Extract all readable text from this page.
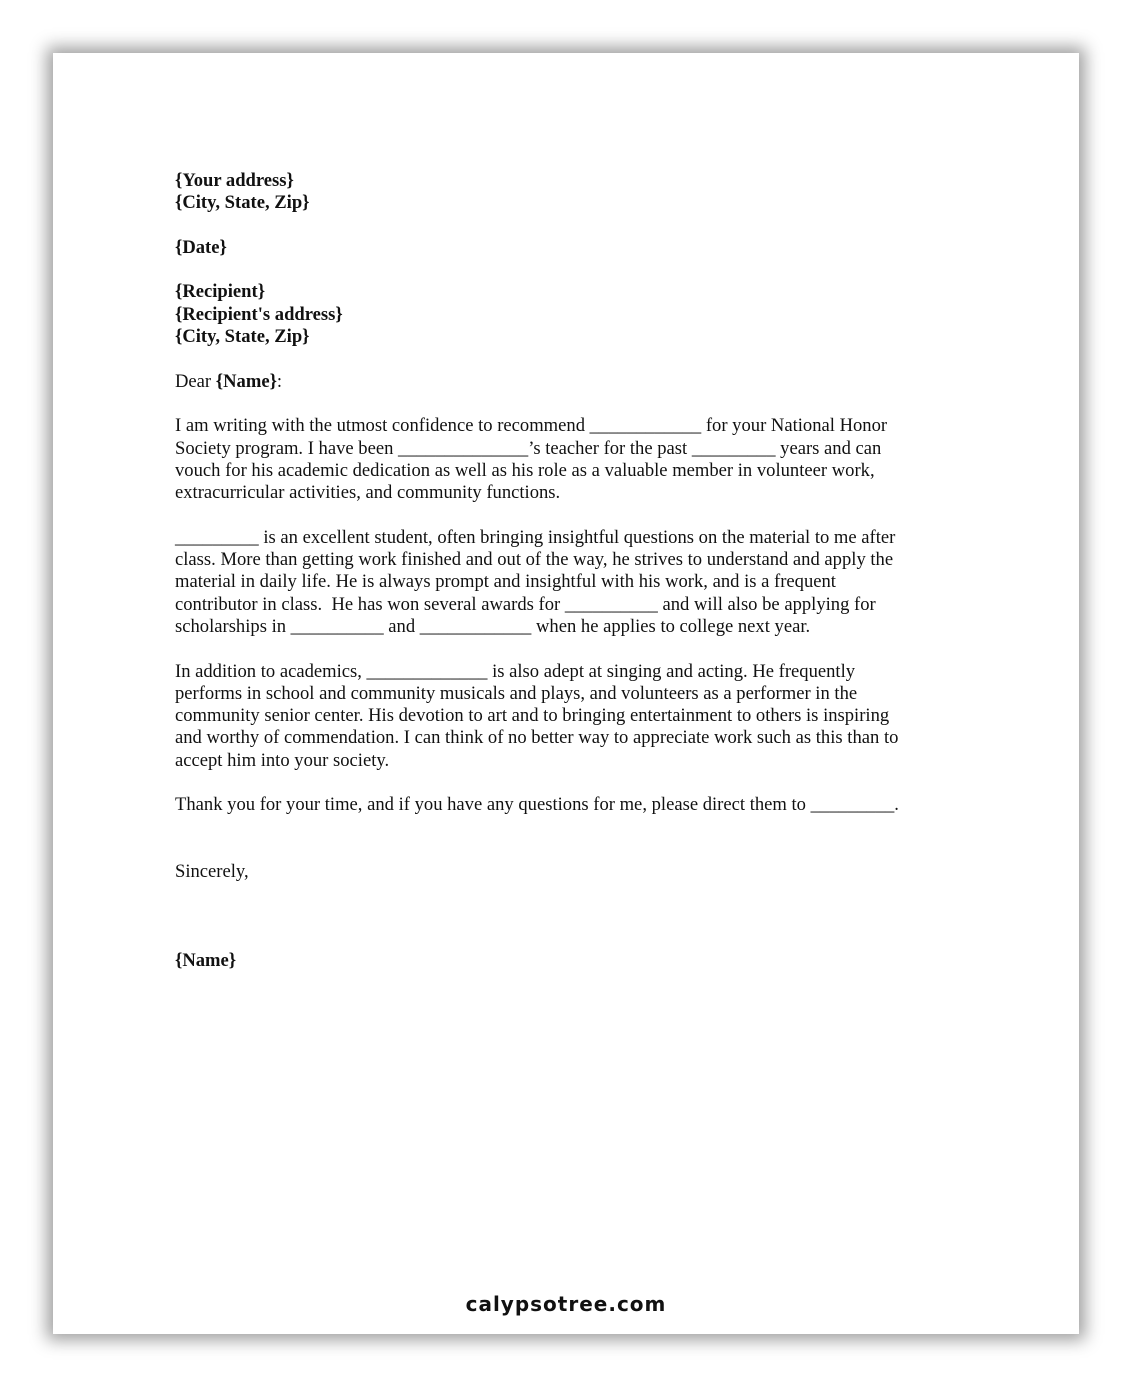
{Your address}
{City, State, Zip}
{Date}
{Recipient}
{Recipient's address}
{City, State, Zip}
Dear {Name}:
I am writing with the utmost confidence to recommend ____________ for your National Honor
Society program. I have been ______________’s teacher for the past _________ years and can
vouch for his academic dedication as well as his role as a valuable member in volunteer work,
extracurricular activities, and community functions.
_________ is an excellent student, often bringing insightful questions on the material to me after
class. More than getting work finished and out of the way, he strives to understand and apply the
material in daily life. He is always prompt and insightful with his work, and is a frequent
contributor in class.  He has won several awards for __________ and will also be applying for
scholarships in __________ and ____________ when he applies to college next year.
In addition to academics, _____________ is also adept at singing and acting. He frequently
performs in school and community musicals and plays, and volunteers as a performer in the
community senior center. His devotion to art and to bringing entertainment to others is inspiring
and worthy of commendation. I can think of no better way to appreciate work such as this than to
accept him into your society.
Thank you for your time, and if you have any questions for me, please direct them to _________.
Sincerely,
{Name}
calypsotree.com
